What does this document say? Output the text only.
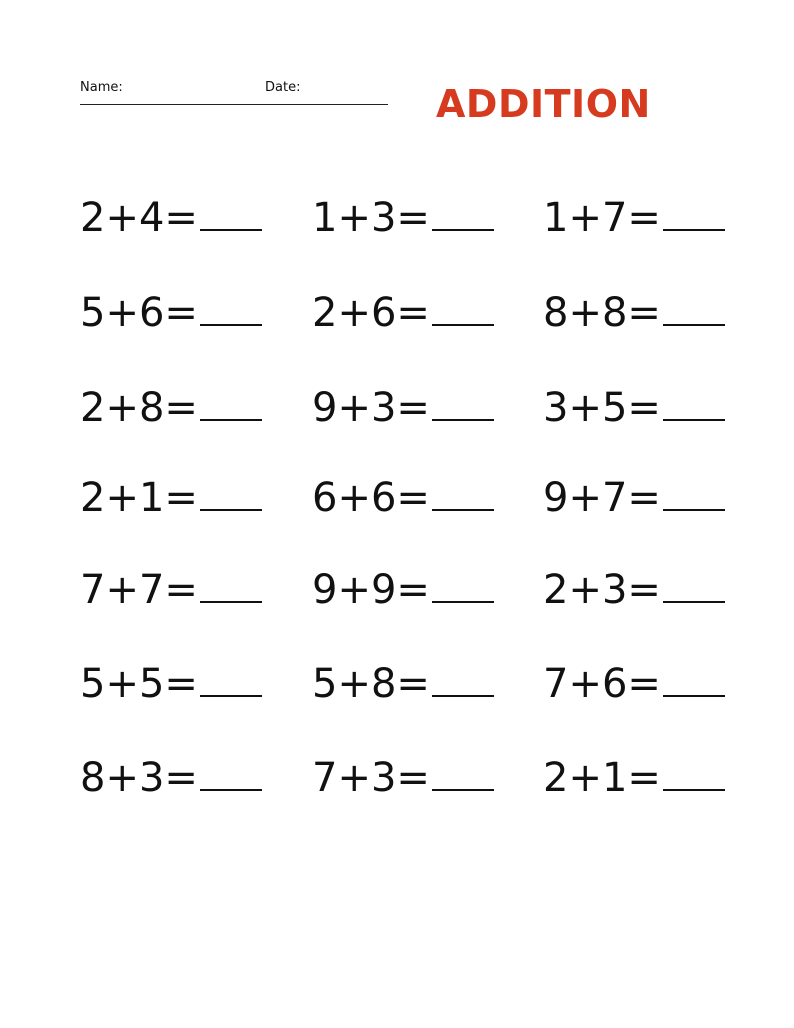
Name:	Date:	ADDITION
2+4=	1+3=	1+7=
5+6=	2+6=	8+8=
2+8=	9+3=	3+5=
2+1=	6+6=	9+7=
7+7=	9+9=	2+3=
5+5=	5+8=	7+6=
8+3=	7+3=	2+1=
